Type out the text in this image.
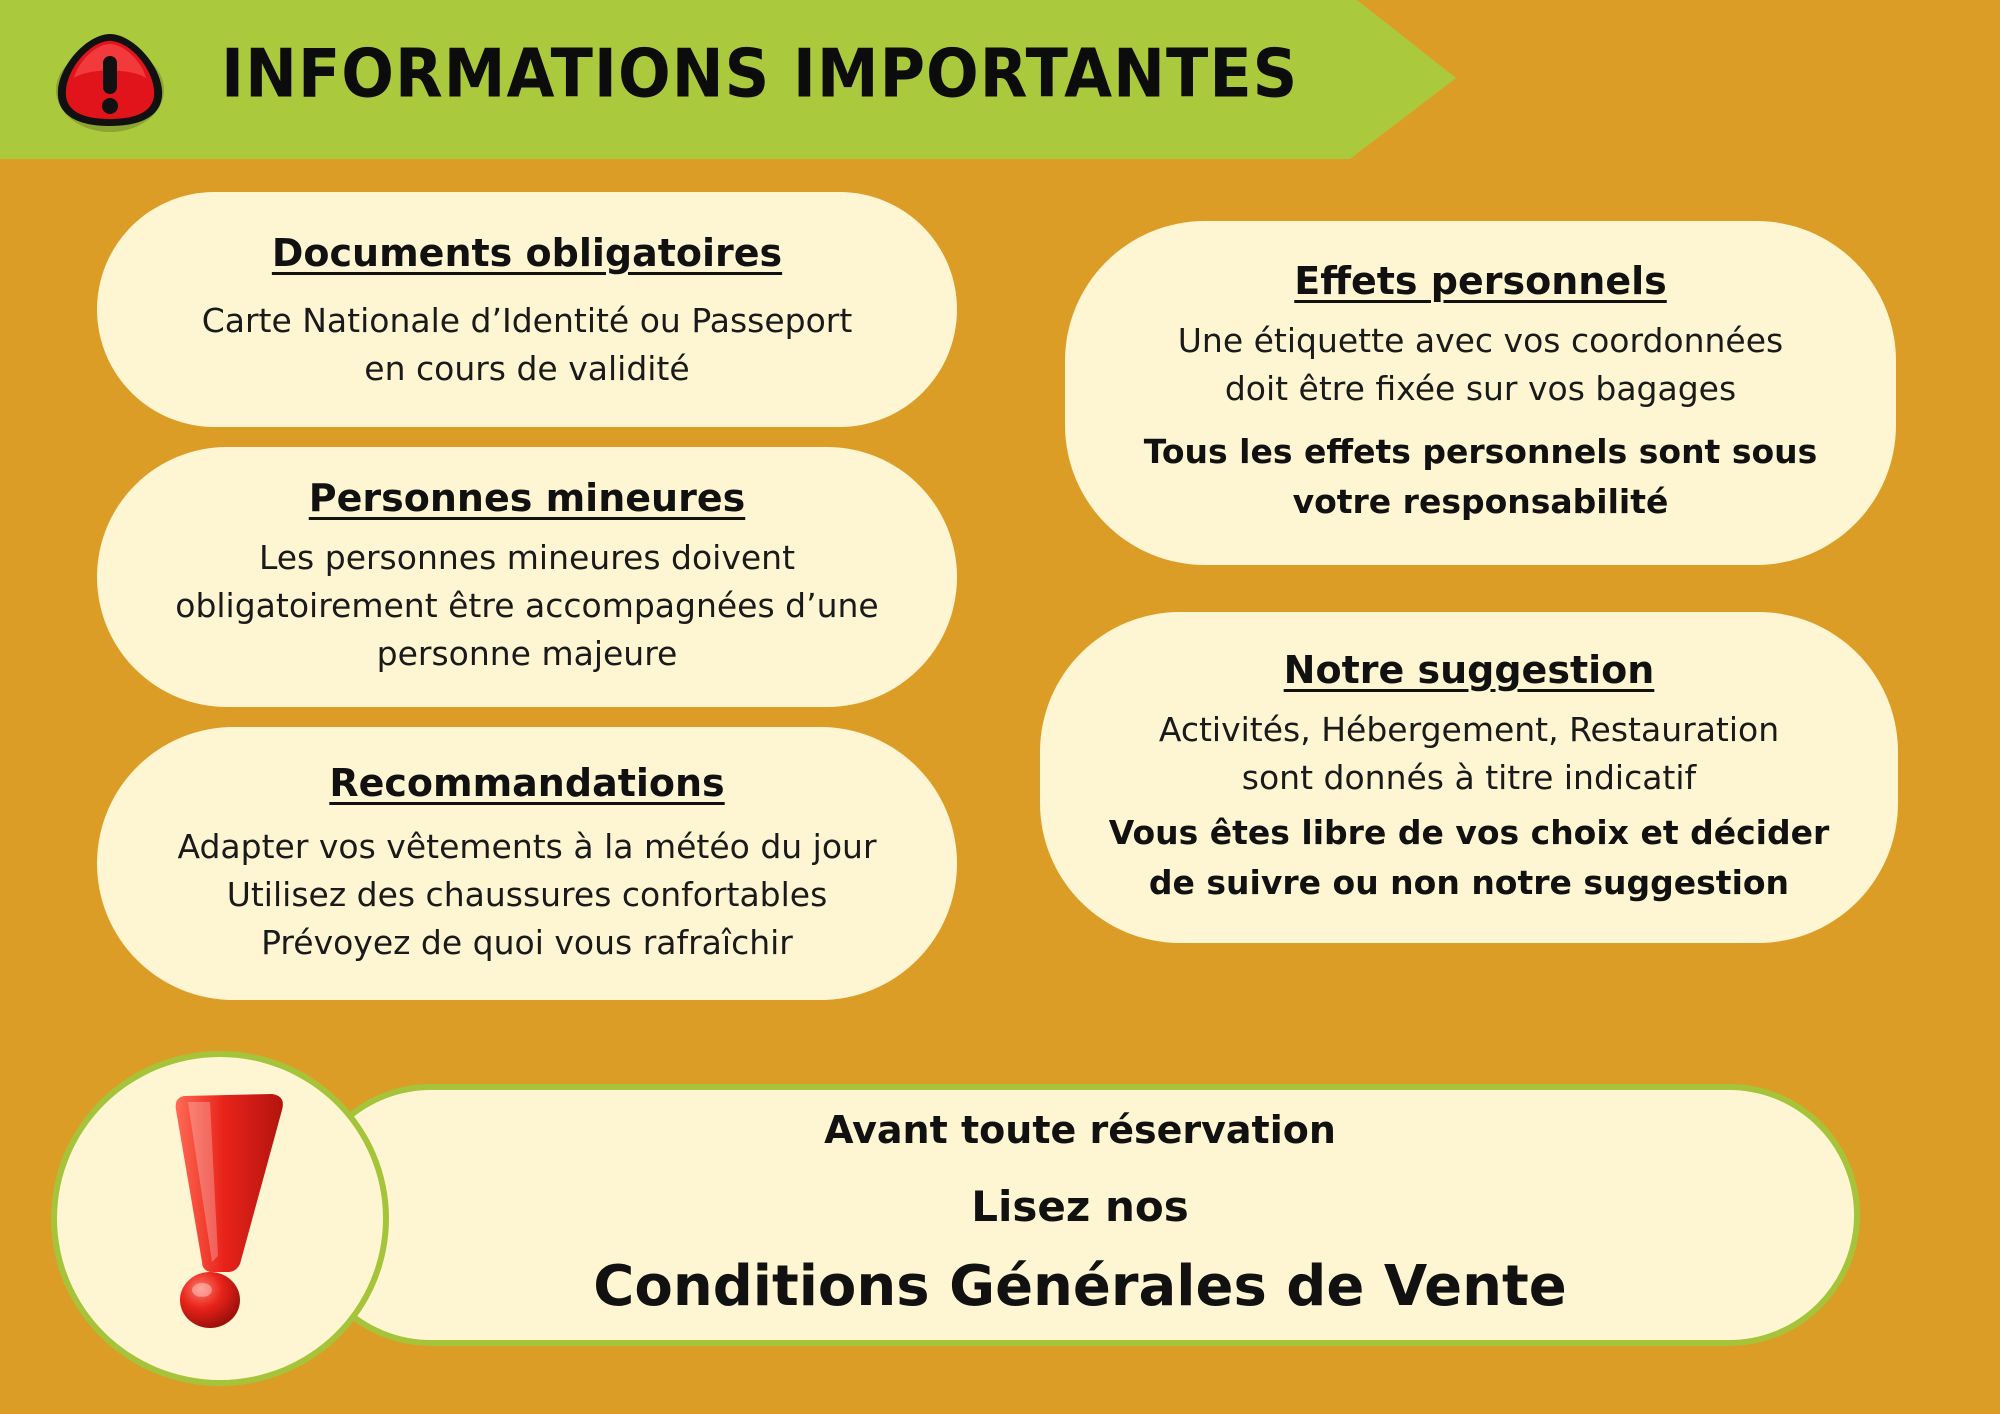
INFORMATIONS IMPORTANTES
Documents obligatoires
Carte Nationale d’Identité ou Passeport
en cours de validité
Personnes mineures
Les personnes mineures doivent
obligatoirement être accompagnées d’une
personne majeure
Recommandations
Adapter vos vêtements à la météo du jour
Utilisez des chaussures confortables
Prévoyez de quoi vous rafraîchir
Effets personnels
Une étiquette avec vos coordonnées
doit être fixée sur vos bagages
Tous les effets personnels sont sous
votre responsabilité
Notre suggestion
Activités, Hébergement, Restauration
sont donnés à titre indicatif
Vous êtes libre de vos choix et décider
de suivre ou non notre suggestion
Avant toute réservation
Lisez nos
Conditions Générales de Vente
